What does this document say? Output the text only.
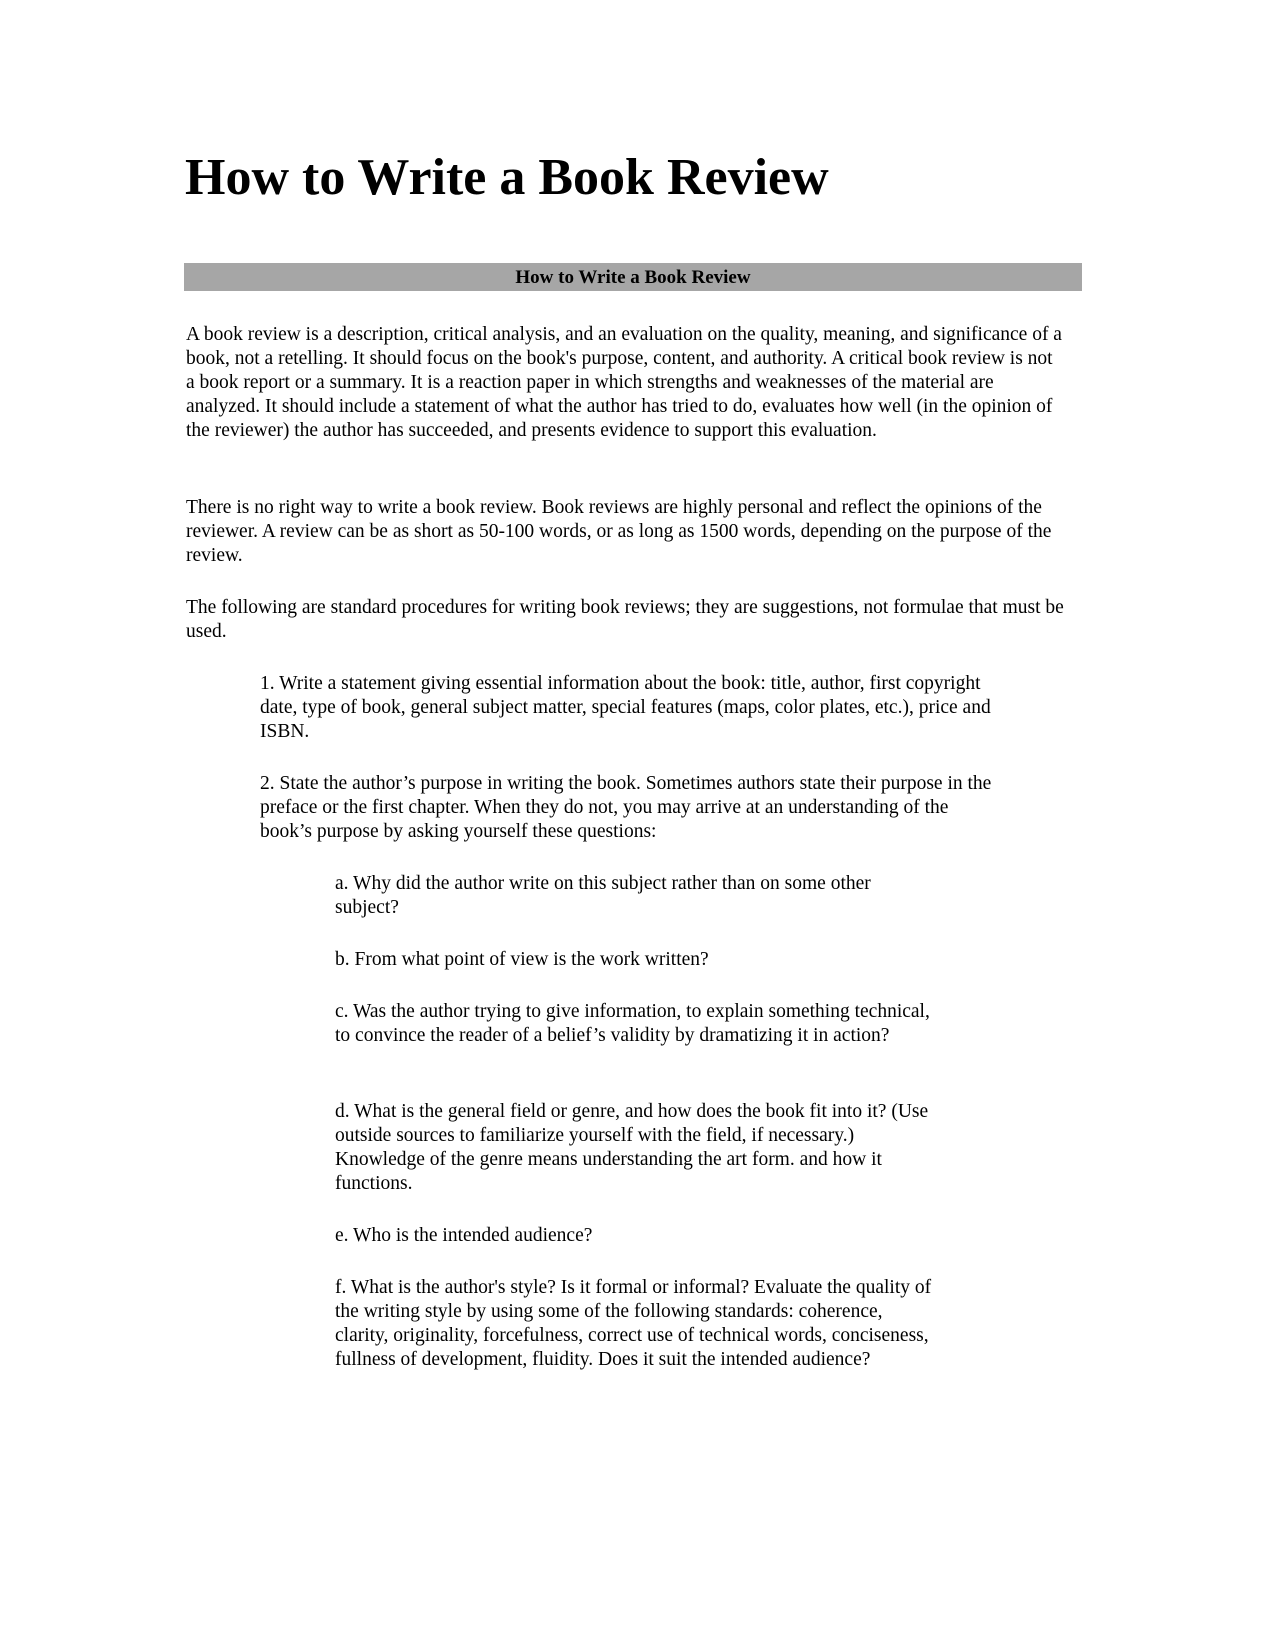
How to Write a Book Review
How to Write a Book Review

A book review is a description, critical analysis, and an evaluation on the quality, meaning, and significance of a book, not a retelling. It should focus on the book's purpose, content, and authority. A critical book review is not a book report or a summary. It is a reaction paper in which strengths and weaknesses of the material are analyzed. It should include a statement of what the author has tried to do, evaluates how well (in the opinion of the reviewer) the author has succeeded, and presents evidence to support this evaluation.

There is no right way to write a book review. Book reviews are highly personal and reflect the opinions of the reviewer. A review can be as short as 50-100 words, or as long as 1500 words, depending on the purpose of the review.

The following are standard procedures for writing book reviews; they are suggestions, not formulae that must be used.

1. Write a statement giving essential information about the book: title, author, first copyright date, type of book, general subject matter, special features (maps, color plates, etc.), price and ISBN.

2. State the author’s purpose in writing the book. Sometimes authors state their purpose in the preface or the first chapter. When they do not, you may arrive at an understanding of the book’s purpose by asking yourself these questions:

a. Why did the author write on this subject rather than on some other subject?

b. From what point of view is the work written?

c. Was the author trying to give information, to explain something technical, to convince the reader of a belief’s validity by dramatizing it in action?

d. What is the general field or genre, and how does the book fit into it? (Use outside sources to familiarize yourself with the field, if necessary.) Knowledge of the genre means understanding the art form. and how it functions.

e. Who is the intended audience?

f. What is the author's style? Is it formal or informal? Evaluate the quality of the writing style by using some of the following standards: coherence, clarity, originality, forcefulness, correct use of technical words, conciseness, fullness of development, fluidity. Does it suit the intended audience?
